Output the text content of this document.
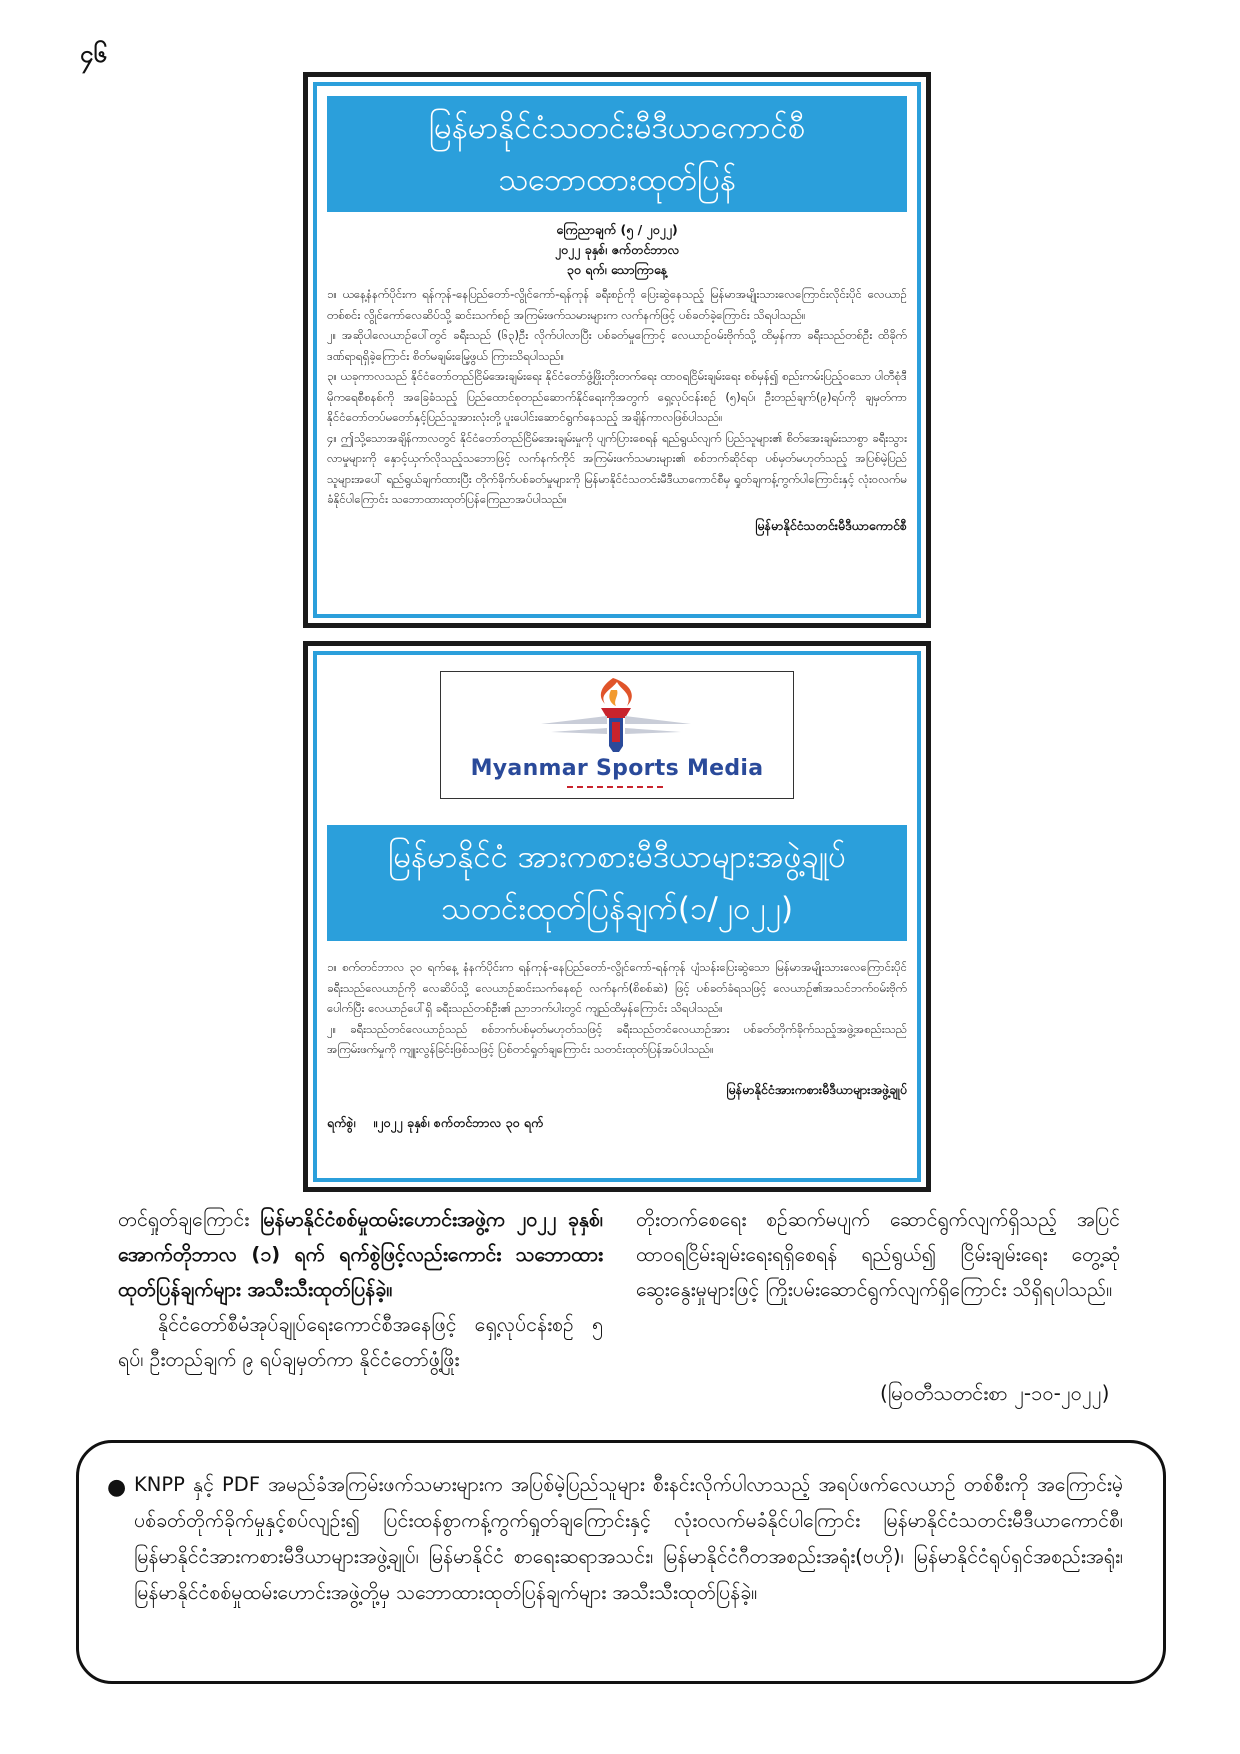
၄၆
မြန်မာနိုင်ငံသတင်းမီဒီယာကောင်စီ
သဘောထားထုတ်ပြန်
ကြေညာချက် (၅ / ၂၀၂၂)
၂၀၂၂ ခုနှစ်၊ ဇက်တင်ဘာလ
၃၀ ရက်၊ သောကြာနေ့

၁။ ယနေ့နံနက်ပိုင်းက ရန်ကုန်-နေပြည်တော်-လွိုင်ကော်-ရန်ကုန် ခရီးစဉ်ကို ပြေးဆွဲနေသည့် မြန်မာအမျိုးသားလေကြောင်းလိုင်းပိုင် လေယာဉ်တစ်စင်း လွိုင်ကော်လေဆိပ်သို့ ဆင်းသက်စဉ် အကြမ်းဖက်သမားများက လက်နက်ဖြင့် ပစ်ခတ်ခဲ့ကြောင်း သိရပါသည်။

၂။ အဆိုပါလေယာဉ်ပေါ်တွင် ခရီးသည် (၆၃)ဦး လိုက်ပါလာပြီး ပစ်ခတ်မှုကြောင့် လေယာဉ်ဝမ်းဗိုက်သို့ ထိမှန်ကာ ခရီးသည်တစ်ဦး ထိခိုက်ဒဏ်ရာရရှိခဲ့ကြောင်း စိတ်မချမ်းမြေ့ဖွယ် ကြားသိရပါသည်။

၃။ ယခုကာလသည် နိုင်ငံတော်တည်ငြိမ်အေးချမ်းရေး နိုင်ငံတော်ဖွံ့ဖြိုးတိုးတက်ရေး ထာဝရငြိမ်းချမ်းရေး စစ်မှန်၍ စည်းကမ်းပြည့်ဝသော ပါတီစုံဒီမိုကရေစီစနစ်ကို အခြေခံသည့် ပြည်ထောင်စုတည်ဆောက်နိုင်ရေးကိုအတွက် ရှေ့လုပ်ငန်းစဉ် (၅)ရပ်၊ ဦးတည်ချက်(၉)ရပ်ကို ချမှတ်ကာ နိုင်ငံတော်တပ်မတော်နှင့်ပြည်သူအားလုံးတို့ ပူးပေါင်းဆောင်ရွက်နေသည့် အချိန်ကာလဖြစ်ပါသည်။

၄။ ဤသို့သောအချိန်ကာလတွင် နိုင်ငံတော်တည်ငြိမ်အေးချမ်းမှုကို ပျက်ပြားစေရန် ရည်ရွယ်လျက် ပြည်သူများ၏ စိတ်အေးချမ်းသာစွာ ခရီးသွားလာမှုများကို နှောင့်ယှက်လိုသည့်သဘောဖြင့် လက်နက်ကိုင် အကြမ်းဖက်သမားများ၏ စစ်ဘက်ဆိုင်ရာ ပစ်မှတ်မဟုတ်သည့် အပြစ်မဲ့ပြည်သူများအပေါ် ရည်ရွယ်ချက်ထားပြီး တိုက်ခိုက်ပစ်ခတ်မှုများကို မြန်မာနိုင်ငံသတင်းမီဒီယာကောင်စီမှ ရှုတ်ချကန့်ကွက်ပါကြောင်းနှင့် လုံးဝလက်မခံနိုင်ပါကြောင်း သဘောထားထုတ်ပြန်ကြေညာအပ်ပါသည်။

မြန်မာနိုင်ငံသတင်းမီဒီယာကောင်စီ
Myanmar Sports Media
မြန်မာနိုင်ငံ အားကစားမီဒီယာများအဖွဲ့ချုပ်
သတင်းထုတ်ပြန်ချက်(၁/၂၀၂၂)

၁။ စက်တင်ဘာလ ၃၀ ရက်နေ့ နံနက်ပိုင်းက ရန်ကုန်-နေပြည်တော်-လွိုင်ကော်-ရန်ကုန် ပျံသန်းပြေးဆွဲသော မြန်မာအမျိုးသားလေကြောင်းပိုင် ခရီးသည်လေယာဉ်ကို လေဆိပ်သို့ လေယာဉ်ဆင်းသက်နေစဉ် လက်နက်(စိစစ်ဆဲ) ဖြင့် ပစ်ခတ်ခံရသဖြင့် လေယာဉ်၏အသင်ဘက်ဝမ်းဗိုက်ပေါက်ပြီး လေယာဉ်ပေါ်ရှိ ခရီးသည်တစ်ဦး၏ ညာဘက်ပါးတွင် ကျည်ထိမှန်ကြောင်း သိရပါသည်။

၂။ ခရီးသည်တင်လေယာဉ်သည် စစ်ဘက်ပစ်မှတ်မဟုတ်သဖြင့် ခရီးသည်တင်လေယာဉ်အား ပစ်ခတ်တိုက်ခိုက်သည့်အဖွဲ့အစည်းသည် အကြမ်းဖက်မှုကို ကျူးလွန်ခြင်းဖြစ်သဖြင့် ပြစ်တင်ရှုတ်ချကြောင်း သတင်းထုတ်ပြန်အပ်ပါသည်။

မြန်မာနိုင်ငံအားကစားမီဒီယာများအဖွဲ့ချုပ်
ရက်စွဲ၊ ။၂၀၂၂ ခုနှစ်၊ စက်တင်ဘာလ ၃၀ ရက်

တင်ရှုတ်ချကြောင်း မြန်မာနိုင်ငံစစ်မှုထမ်းဟောင်းအဖွဲ့က ၂၀၂၂ ခုနှစ်၊ အောက်တိုဘာလ (၁) ရက် ရက်စွဲဖြင့်လည်းကောင်း သဘောထားထုတ်ပြန်ချက်များ အသီးသီးထုတ်ပြန်ခဲ့။

နိုင်ငံတော်စီမံအုပ်ချုပ်ရေးကောင်စီအနေဖြင့် ရှေ့လုပ်ငန်းစဉ် ၅ ရပ်၊ ဦးတည်ချက် ၉ ရပ်ချမှတ်ကာ နိုင်ငံတော်ဖွံ့ဖြိုး

တိုးတက်စေရေး စဉ်ဆက်မပျက် ဆောင်ရွက်လျက်ရှိသည့် အပြင် ထာဝရငြိမ်းချမ်းရေးရရှိစေရန် ရည်ရွယ်၍ ငြိမ်းချမ်းရေး တွေ့ဆုံဆွေးနွေးမှုများဖြင့် ကြိုးပမ်းဆောင်ရွက်လျက်ရှိကြောင်း သိရှိရပါသည်။

(မြဝတီသတင်းစာ ၂-၁၀-၂၀၂၂)
● KNPP နှင့် PDF အမည်ခံအကြမ်းဖက်သမားများက အပြစ်မဲ့ပြည်သူများ စီးနင်းလိုက်ပါလာသည့် အရပ်ဖက်လေယာဉ် တစ်စီးကို အကြောင်းမဲ့ပစ်ခတ်တိုက်ခိုက်မှုနှင့်စပ်လျဉ်း၍ ပြင်းထန်စွာကန့်ကွက်ရှုတ်ချကြောင်းနှင့် လုံးဝလက်မခံနိုင်ပါကြောင်း မြန်မာနိုင်ငံသတင်းမီဒီယာကောင်စီ၊ မြန်မာနိုင်ငံအားကစားမီဒီယာများအဖွဲ့ချုပ်၊ မြန်မာနိုင်ငံ စာရေးဆရာအသင်း၊ မြန်မာနိုင်ငံဂီတအစည်းအရုံး(ဗဟို)၊ မြန်မာနိုင်ငံရုပ်ရှင်အစည်းအရုံး၊ မြန်မာနိုင်ငံစစ်မှုထမ်းဟောင်းအဖွဲ့တို့မှ သဘောထားထုတ်ပြန်ချက်များ အသီးသီးထုတ်ပြန်ခဲ့။
